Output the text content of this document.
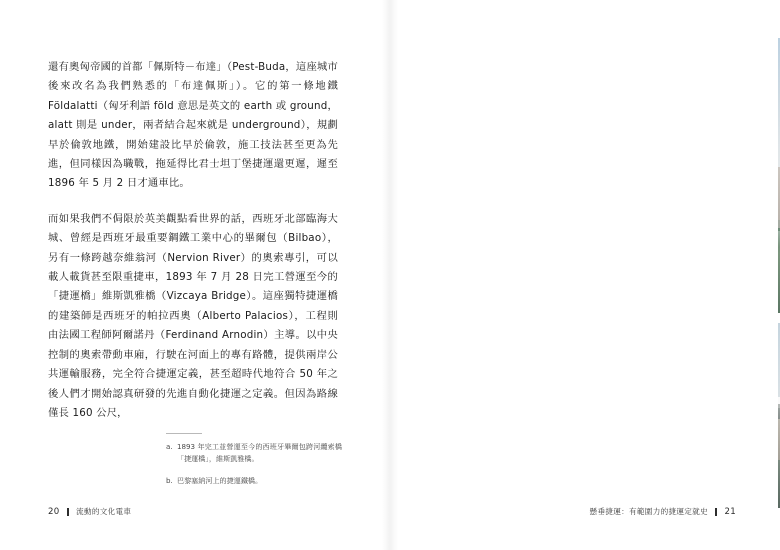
還有奧匈帝國的首都「佩斯特－布達」（Pest-Buda，這座城市後來改名為我們熟悉的「布達佩斯」）。它的第一條地鐵 Földalatti（匈牙利語 föld 意思是英文的 earth 或 ground，alatt 則是 under，兩者結合起來就是 underground），規劃早於倫敦地鐵，開始建設比早於倫敦，施工技法甚至更為先進，但同樣因為職戰，拖延得比君士坦丁堡捷運還更遲，遲至 1896 年 5 月 2 日才通車比。

而如果我們不侷限於英美觀點看世界的話，西班牙北部臨海大城、曾經是西班牙最重要鋼鐵工業中心的畢爾包（Bilbao），另有一條跨越奈維翁河（Nervion River）的奧索專引，可以載人載貨甚至限重捷車，1893 年 7 月 28 日完工營運至今的「捷運橋」維斯凱雅橋（Vizcaya Bridge）。這座獨特捷運橋的建築師是西班牙的帕拉西奧（Alberto Palacios），工程則由法國工程師阿爾諾丹（Ferdinand Arnodin）主導。以中央控制的奧索帶動車廂，行駛在河面上的專有路體，提供兩岸公共運輸服務，完全符合捷運定義，甚至超時代地符合 50 年之後人們才開始認真研發的先進自動化捷運之定義。但因為路線僅長 160 公尺，

a. 1893 年完工並營運至今的西班牙畢爾包跨河纜索橋「捷運橋」，維斯凱雅橋。
b. 巴黎塞納河上的捷運鐵橋。
20 流動的文化電車	懸垂捷運：有範圍力的捷運定就史 21
